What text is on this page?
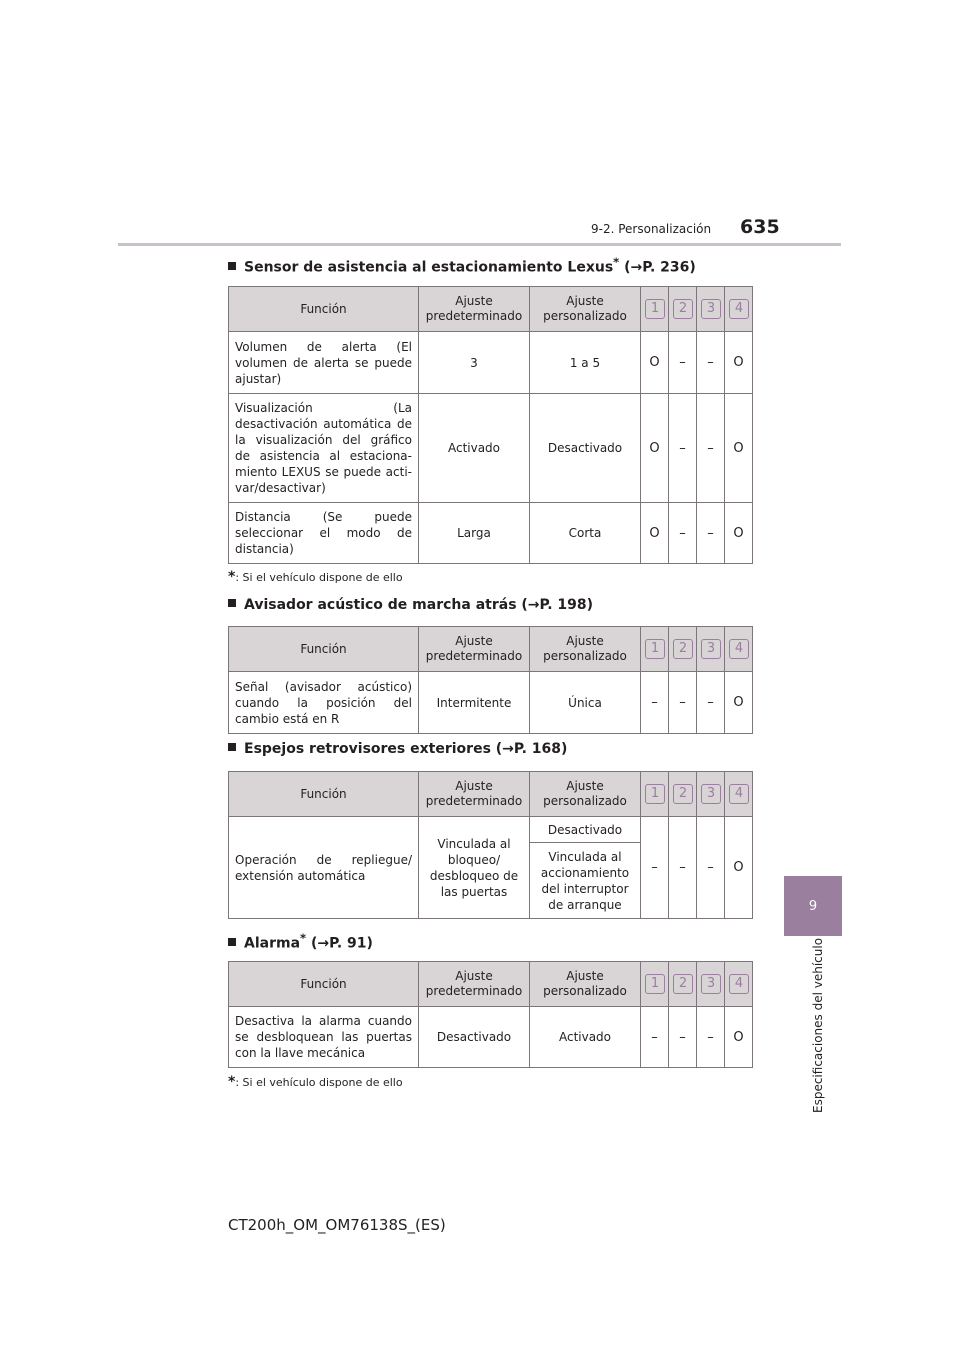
9-2. Personalización 635
9
Especificaciones del vehículo
Sensor de asistencia al estacionamiento Lexus* (→P. 236)
Función	Ajuste predeterminado	Ajuste personalizado	1	2	3	4
Volumen de alerta (El volumen de alerta se puede ajustar)	3	1 a 5	O	–	–	O
Visualización (La desactivación automática de la visualización del gráfico de asistencia al estaciona-miento LEXUS se puede acti-var/desactivar)	Activado	Desactivado	O	–	–	O
Distancia (Se puede seleccionar el modo de distancia)	Larga	Corta	O	–	–	O
*: Si el vehículo dispone de ello
Avisador acústico de marcha atrás (→P. 198)
Función	Ajuste predeterminado	Ajuste personalizado	1	2	3	4
Señal (avisador acústico) cuando la posición del cambio está en R	Intermitente	Única	–	–	–	O
Espejos retrovisores exteriores (→P. 168)
Función	Ajuste predeterminado	Ajuste personalizado	1	2	3	4
Operación de repliegue/ extensión automática	Vinculada al bloqueo/ desbloqueo de las puertas	Desactivado	–	–	–	O
		Vinculada al accionamiento del interruptor de arranque				
Alarma* (→P. 91)
Función	Ajuste predeterminado	Ajuste personalizado	1	2	3	4
Desactiva la alarma cuando se desbloquean las puertas con la llave mecánica	Desactivado	Activado	–	–	–	O
*: Si el vehículo dispone de ello
CT200h_OM_OM76138S_(ES)
